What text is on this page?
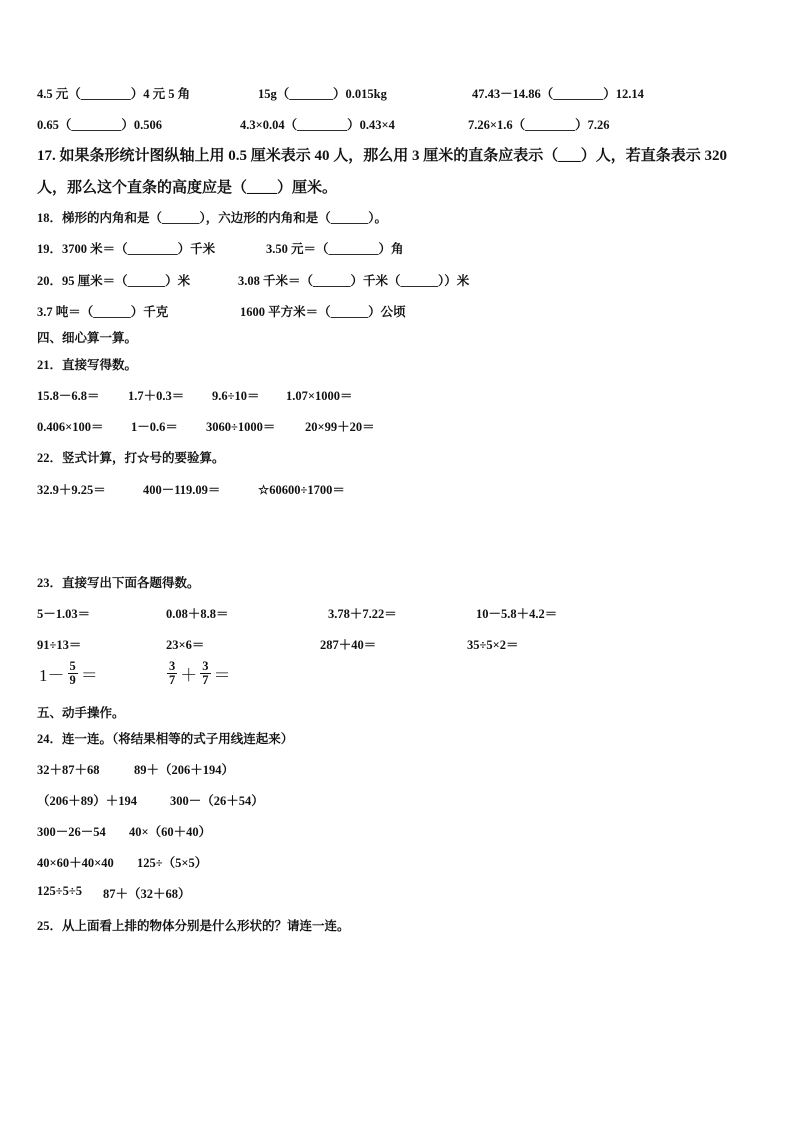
4.5 元（________）4 元 5 角	15g（_______）0.015kg	47.43－14.86（________）12.14
0.65（________）0.506	4.3×0.04（________）0.43×4	7.26×1.6（________）7.26
17. 如果条形统计图纵轴上用 0.5 厘米表示 40 人，那么用 3 厘米的直条应表示（___）人，若直条表示 320
人，那么这个直条的高度应是（____）厘米。
18．梯形的内角和是（______），六边形的内角和是（______）。
19．3700 米＝（________）千米	3.50 元＝（________）角
20．95 厘米＝（______）米	3.08 千米＝（______）千米（______））米
3.7 吨＝（______）千克	1600 平方米＝（______）公顷
四、细心算一算。
21．直接写得数。
15.8－6.8＝ 1.7＋0.3＝ 9.6÷10＝ 1.07×1000＝
0.406×100＝ 1－0.6＝ 3060÷1000＝ 20×99＋20＝
22．竖式计算，打☆号的要验算。
32.9＋9.25＝	400－119.09＝	☆60600÷1700＝
23．直接写出下面各题得数。
5－1.03＝	0.08＋8.8＝	3.78＋7.22＝	10－5.8＋4.2＝
91÷13＝	23×6＝	287＋40＝	35÷5×2＝
$1- \frac{5}{9}$ ＝	$\frac{3}{7} + \frac{3}{7}$ ＝
五、动手操作。
24．连一连。（将结果相等的式子用线连起来）
32＋87＋68	89＋（206＋194）
（206＋89）＋194	300－（26＋54）
300－26－54 40×（60＋40）
40×60＋40×40 125÷（5×5）
125÷5÷5 87＋（32＋68）
25．从上面看上排的物体分别是什么形状的？请连一连。
